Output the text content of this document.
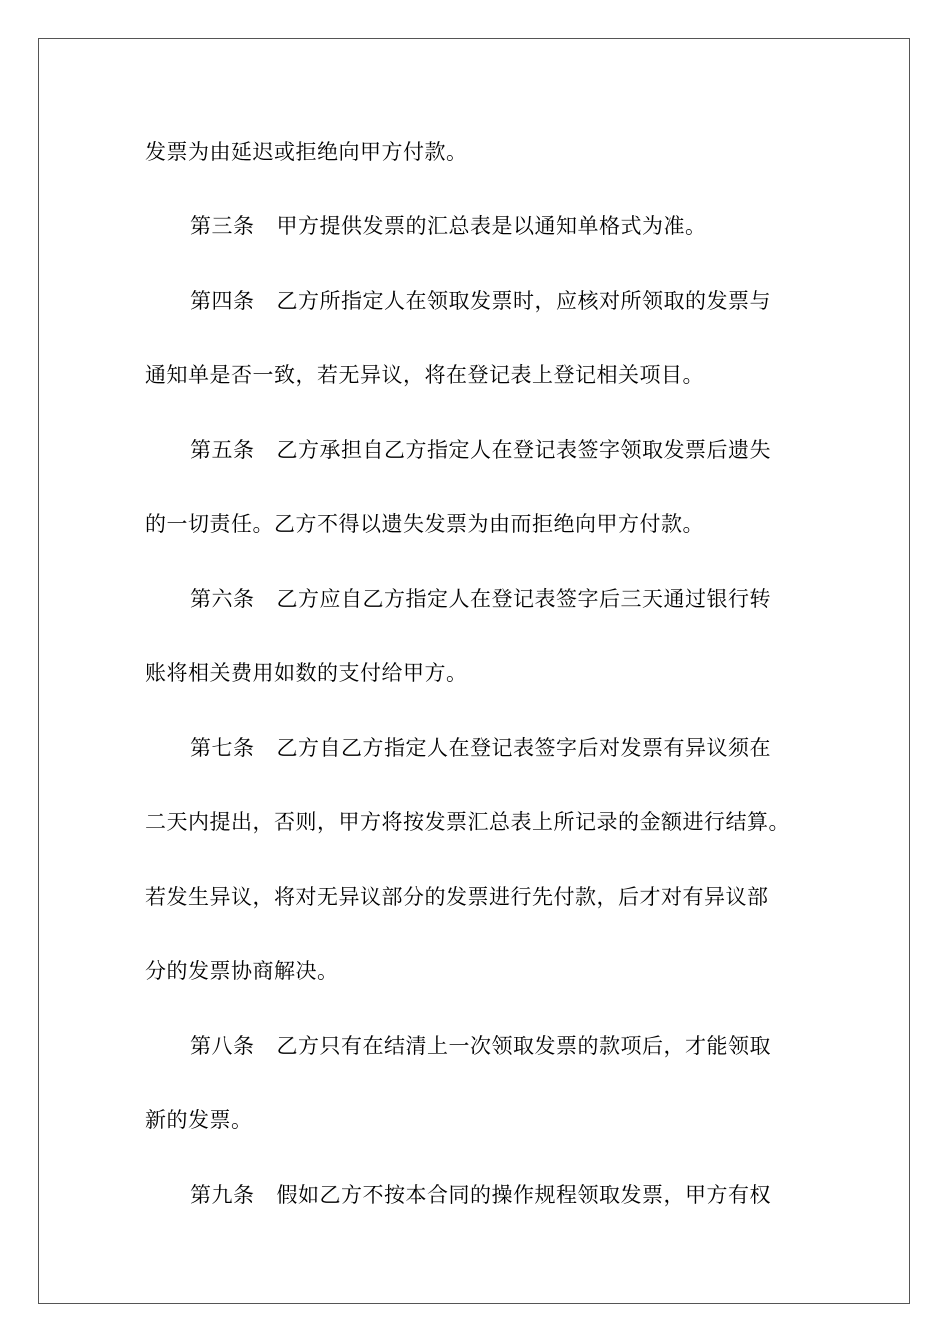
发票为由延迟或拒绝向甲方付款。
第三条 甲方提供发票的汇总表是以通知单格式为准。
第四条 乙方所指定人在领取发票时，应核对所领取的发票与
通知单是否一致，若无异议，将在登记表上登记相关项目。
第五条 乙方承担自乙方指定人在登记表签字领取发票后遗失
的一切责任。乙方不得以遗失发票为由而拒绝向甲方付款。
第六条 乙方应自乙方指定人在登记表签字后三天通过银行转
账将相关费用如数的支付给甲方。
第七条 乙方自乙方指定人在登记表签字后对发票有异议须在
二天内提出，否则，甲方将按发票汇总表上所记录的金额进行结算。
若发生异议，将对无异议部分的发票进行先付款，后才对有异议部
分的发票协商解决。
第八条 乙方只有在结清上一次领取发票的款项后，才能领取
新的发票。
第九条 假如乙方不按本合同的操作规程领取发票，甲方有权
